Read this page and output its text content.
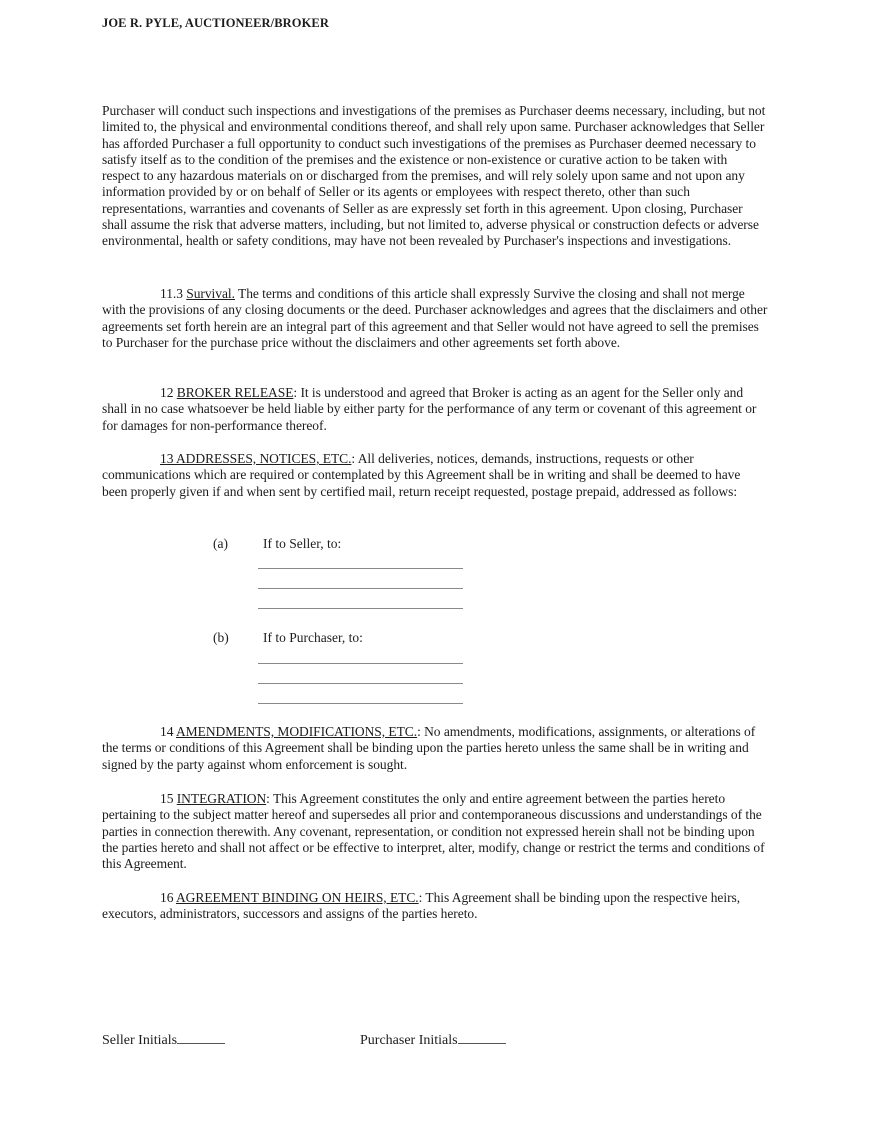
JOE R. PYLE, AUCTIONEER/BROKER

Purchaser will conduct such inspections and investigations of the premises as Purchaser deems necessary, including, but not limited to, the physical and environmental conditions thereof, and shall rely upon same. Purchaser acknowledges that Seller has afforded Purchaser a full opportunity to conduct such investigations of the premises as Purchaser deemed necessary to satisfy itself as to the condition of the premises and the existence or non-existence or curative action to be taken with respect to any hazardous materials on or discharged from the premises, and will rely solely upon same and not upon any information provided by or on behalf of Seller or its agents or employees with respect thereto, other than such representations, warranties and covenants of Seller as are expressly set forth in this agreement. Upon closing, Purchaser shall assume the risk that adverse matters, including, but not limited to, adverse physical or construction defects or adverse environmental, health or safety conditions, may have not been revealed by Purchaser's inspections and investigations.

11.3 Survival. The terms and conditions of this article shall expressly Survive the closing and shall not merge with the provisions of any closing documents or the deed. Purchaser acknowledges and agrees that the disclaimers and other agreements set forth herein are an integral part of this agreement and that Seller would not have agreed to sell the premises to Purchaser for the purchase price without the disclaimers and other agreements set forth above.

12 BROKER RELEASE: It is understood and agreed that Broker is acting as an agent for the Seller only and shall in no case whatsoever be held liable by either party for the performance of any term or covenant of this agreement or for damages for non-performance thereof.

13 ADDRESSES, NOTICES, ETC.: All deliveries, notices, demands, instructions, requests or other communications which are required or contemplated by this Agreement shall be in writing and shall be deemed to have been properly given if and when sent by certified mail, return receipt requested, postage prepaid, addressed as follows:

(a)	If to Seller, to:
(b)	If to Purchaser, to:

14 AMENDMENTS, MODIFICATIONS, ETC.: No amendments, modifications, assignments, or alterations of the terms or conditions of this Agreement shall be binding upon the parties hereto unless the same shall be in writing and signed by the party against whom enforcement is sought.

15 INTEGRATION: This Agreement constitutes the only and entire agreement between the parties hereto pertaining to the subject matter hereof and supersedes all prior and contemporaneous discussions and understandings of the parties in connection therewith. Any covenant, representation, or condition not expressed herein shall not be binding upon the parties hereto and shall not affect or be effective to interpret, alter, modify, change or restrict the terms and conditions of this Agreement.

16 AGREEMENT BINDING ON HEIRS, ETC.: This Agreement shall be binding upon the respective heirs, executors, administrators, successors and assigns of the parties hereto.

Seller Initials	Purchaser Initials
